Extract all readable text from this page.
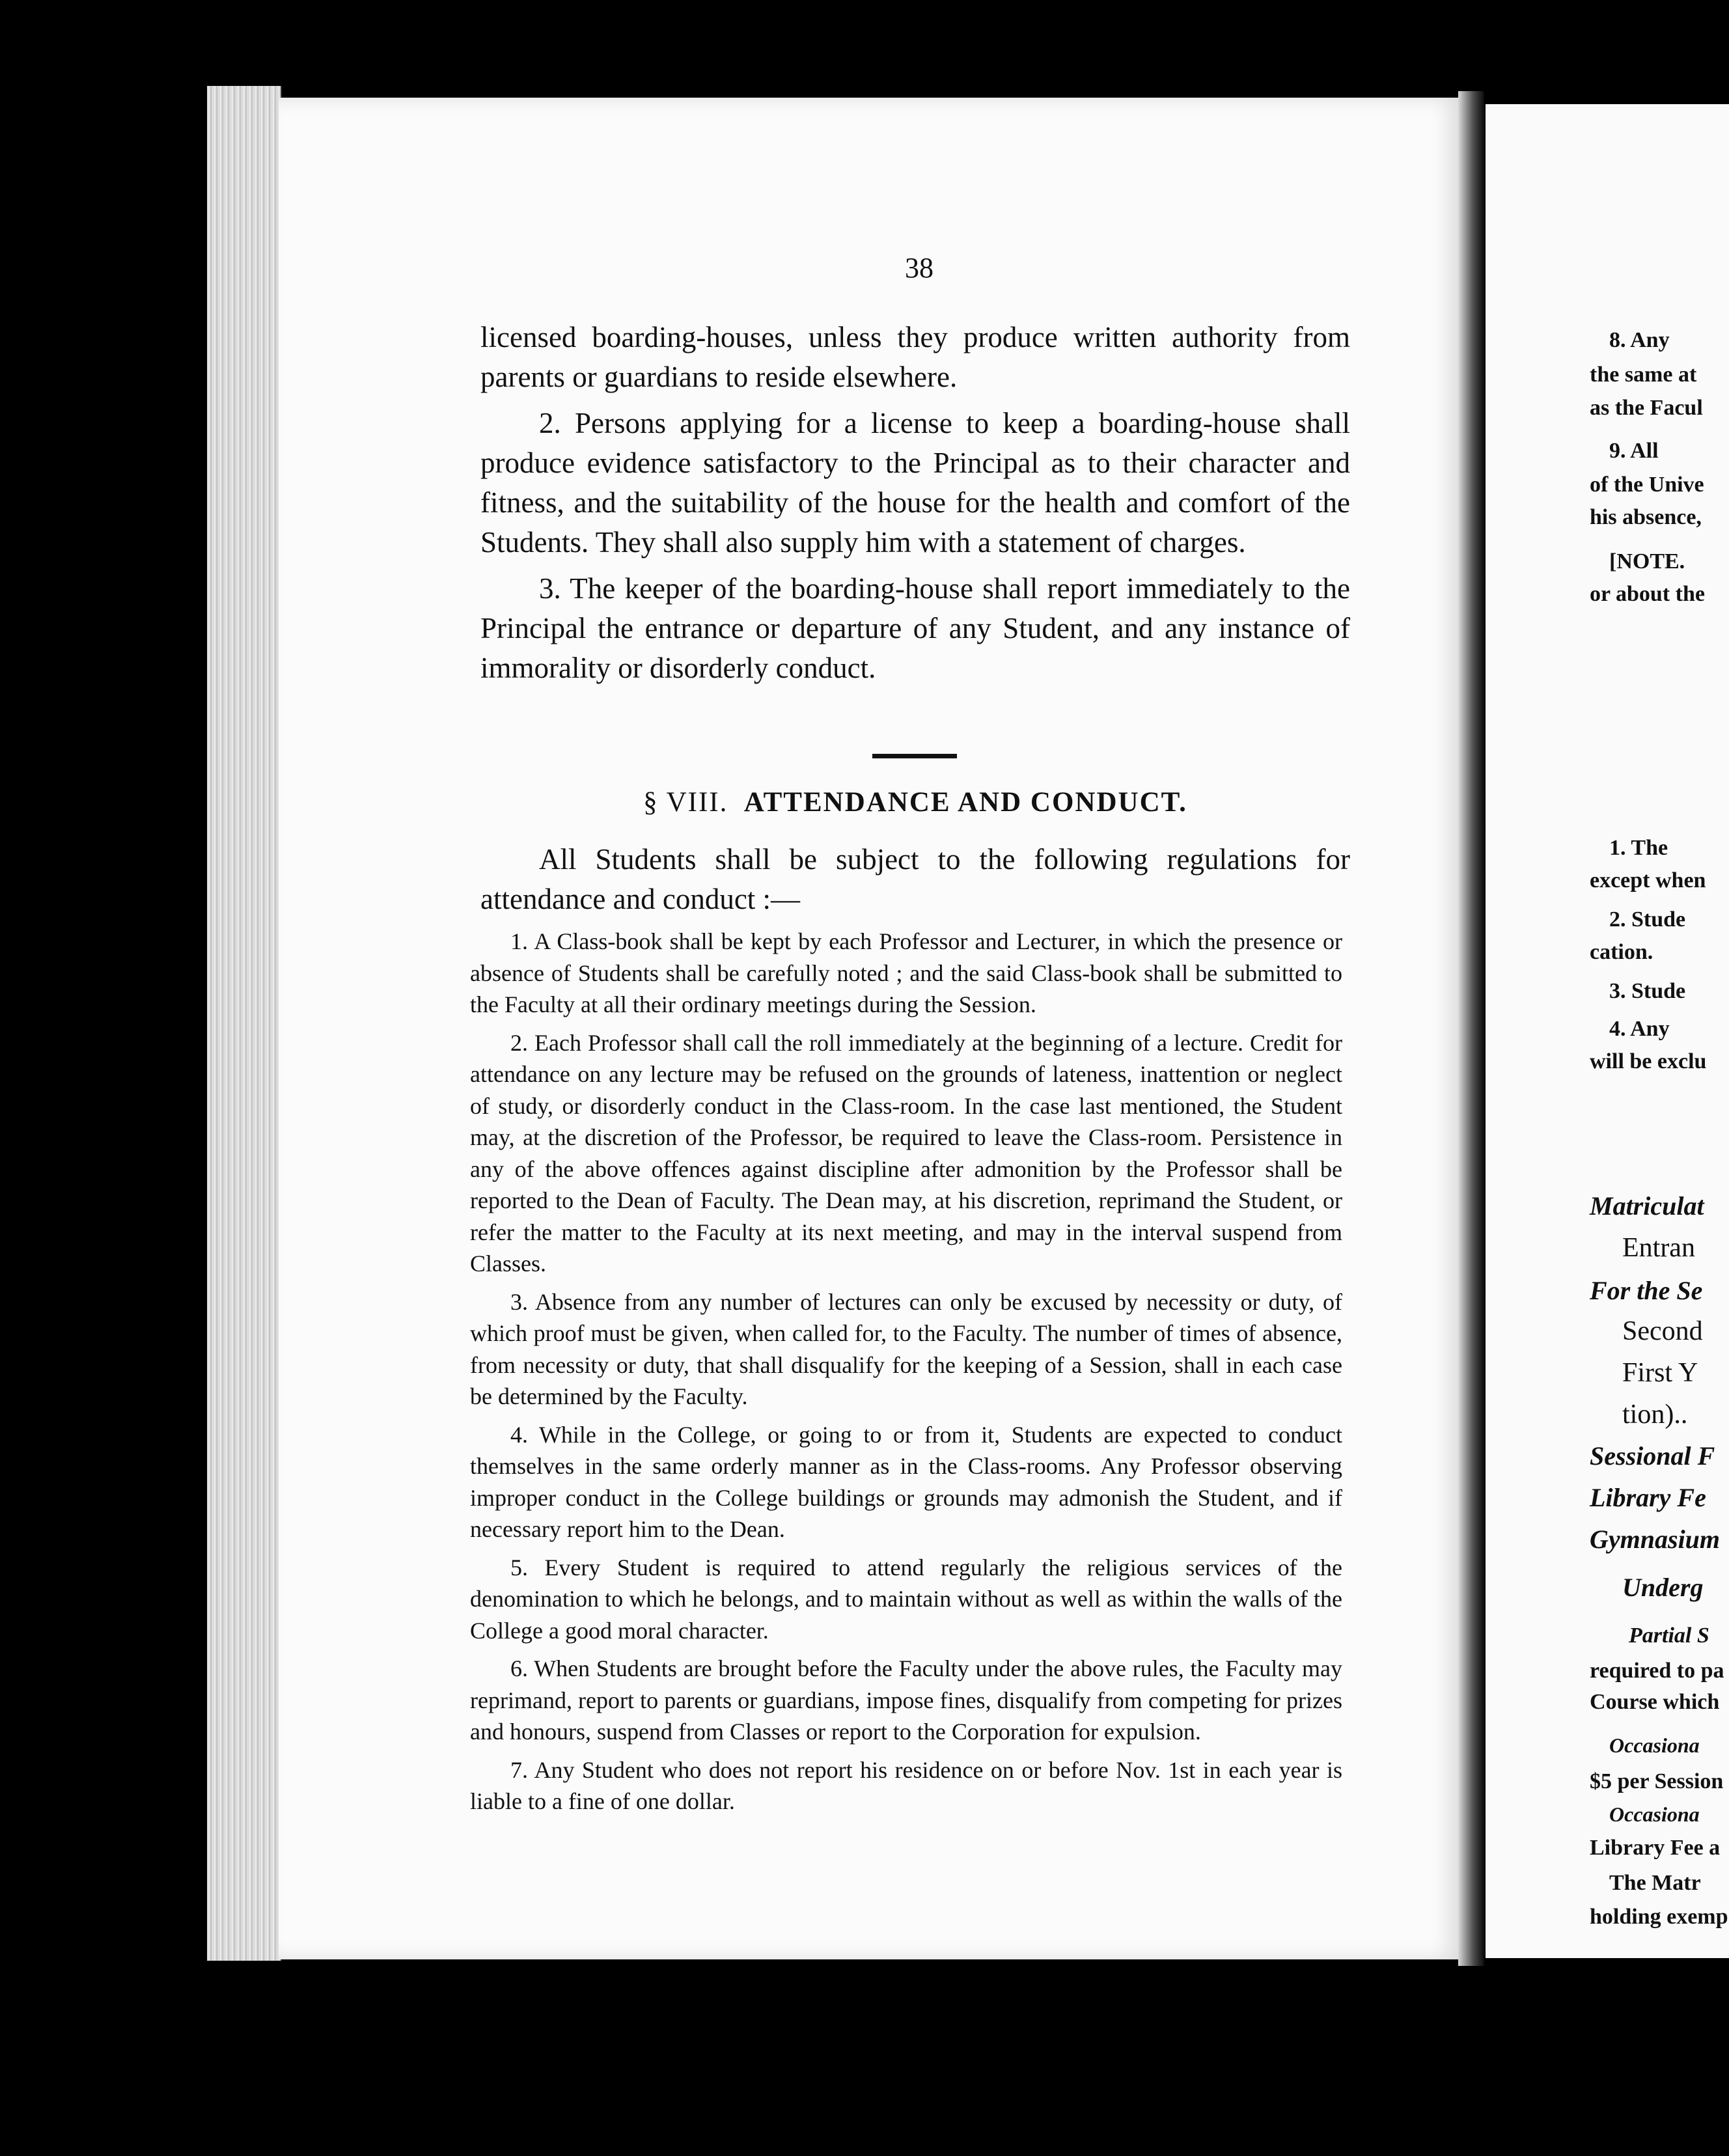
38

licensed boarding-houses, unless they produce written authority from parents or guardians to reside elsewhere.

2. Persons applying for a license to keep a boarding-house shall produce evidence satisfactory to the Principal as to their character and fitness, and the suitability of the house for the health and comfort of the Students. They shall also supply him with a statement of charges.

3. The keeper of the boarding-house shall report immediately to the Principal the entrance or departure of any Student, and any instance of immorality or disorderly conduct.

§ VIII. ATTENDANCE AND CONDUCT.

All Students shall be subject to the following regulations for attendance and conduct :—

1. A Class-book shall be kept by each Professor and Lecturer, in which the presence or absence of Students shall be carefully noted ; and the said Class-book shall be submitted to the Faculty at all their ordinary meetings during the Session.

2. Each Professor shall call the roll immediately at the beginning of a lecture. Credit for attendance on any lecture may be refused on the grounds of lateness, inattention or neglect of study, or disorderly conduct in the Class-room. In the case last mentioned, the Student may, at the discretion of the Professor, be required to leave the Class-room. Persistence in any of the above offences against discipline after admonition by the Professor shall be reported to the Dean of Faculty. The Dean may, at his discretion, reprimand the Student, or refer the matter to the Faculty at its next meeting, and may in the interval suspend from Classes.

3. Absence from any number of lectures can only be excused by necessity or duty, of which proof must be given, when called for, to the Faculty. The number of times of absence, from necessity or duty, that shall disqualify for the keeping of a Session, shall in each case be determined by the Faculty.

4. While in the College, or going to or from it, Students are expected to conduct themselves in the same orderly manner as in the Class-rooms. Any Professor observing improper conduct in the College buildings or grounds may admonish the Student, and if necessary report him to the Dean.

5. Every Student is required to attend regularly the religious services of the denomination to which he belongs, and to maintain without as well as within the walls of the College a good moral character.

6. When Students are brought before the Faculty under the above rules, the Faculty may reprimand, report to parents or guardians, impose fines, disqualify from competing for prizes and honours, suspend from Classes or report to the Corporation for expulsion.

7. Any Student who does not report his residence on or before Nov. 1st in each year is liable to a fine of one dollar.

8. Any
the same at
as the Facul
9. All
of the Unive
his absence,
[NOTE.
or about the
1. The
except when
2. Stude
cation.
3. Stude
4. Any
will be exclu
Matriculat
Entran
For the Se
Second
First Y
tion)..
Sessional F
Library Fe
Gymnasium
Underg
Partial S
required to pa
Course which
Occasiona
$5 per Session
Occasiona
Library Fee a
The Matr
holding exemp
